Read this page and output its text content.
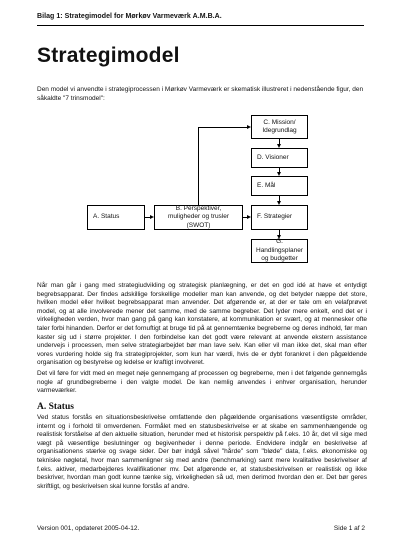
Bilag 1: Strategimodel for Mørkøv Varmeværk A.M.B.A.
Strategimodel

Den model vi anvendte i strategiprocessen i Mørkøv Varmeværk er skematisk illustreret i nedenstående figur, den såkaldte "7 trinsmodel":

C. Mission/ Idegrundlag
D. Visioner
E. Mål
F. Strategier
G. Handlingsplaner og budgetter
A. Status
B. Perspektiver, muligheder og trusler (SWOT)

Når man går i gang med strategiudvikling og strategisk planlægning, er det en god idé at have et entydigt begrebsapparat. Der findes adskillige forskellige modeller man kan anvende, og det betyder næppe det store, hvilken model eller hvilket begrebsapparat man anvender. Det afgørende er, at der er tale om en velafprøvet model, og at alle involverede mener det samme, med de samme begreber. Det lyder mere enkelt, end det er i virkeligheden verden, hvor man gang på gang kan konstatere, at kommunikation er svært, og at mennesker ofte taler forbi hinanden. Derfor er det fornuftigt at bruge tid på at gennemtænke begreberne og deres indhold, før man kaster sig ud i større projekter. I den forbindelse kan det godt være relevant at anvende ekstern assistance undervejs i processen, men selve strategiarbejdet bør man lave selv. Kan eller vil man ikke det, skal man efter vores vurdering holde sig fra strategiprojekter, som kun har værdi, hvis de er dybt forankret i den pågældende organisation og bestyrelse og ledelse er kraftigt involveret.

Det vil føre for vidt med en meget nøje gennemgang af processen og begreberne, men i det følgende gennemgås nogle af grundbegreberne i den valgte model. De kan nemlig anvendes i enhver organisation, herunder varmeværker.

A. Status

Ved status forstås en situationsbeskrivelse omfattende den pågældende organisations væsentligste områder, internt og i forhold til omverdenen. Formålet med en statusbeskrivelse er at skabe en sammenhængende og realistisk forståelse af den aktuelle situation, herunder med et historisk perspektiv på f.eks. 10 år, det vil sige med vægt på væsentlige beslutninger og begivenheder i denne periode. Endvidere indgår en beskrivelse af organisationens stærke og svage sider. Der bør indgå såvel "hårde" som "bløde" data, f.eks. økonomiske og tekniske nøgletal, hvor man sammenligner sig med andre (benchmarking) samt mere kvalitative beskrivelser af f.eks. aktiver, medarbejderes kvalifikationer mv. Det afgørende er, at statusbeskrivelsen er realistisk og ikke beskriver, hvordan man godt kunne tænke sig, virkeligheden så ud, men derimod hvordan den er. Det bør geres skriftligt, og beskrivelsen skal kunne forstås af andre.

Version 001, opdateret 2005-04-12.	Side 1 af 2
